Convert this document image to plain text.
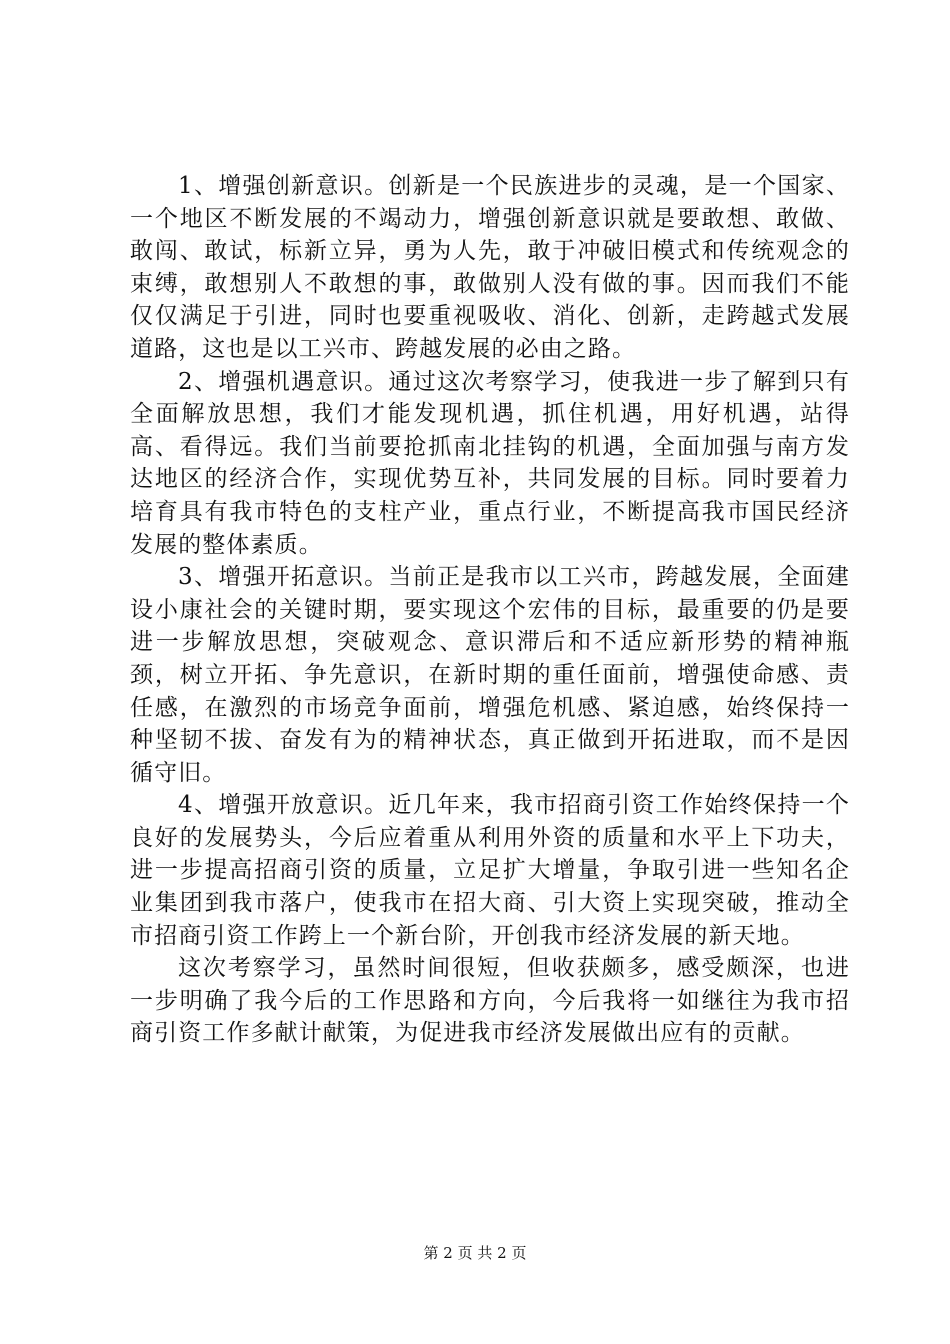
1、增强创新意识。创新是一个民族进步的灵魂，是一个国家、一个地区不断发展的不竭动力，增强创新意识就是要敢想、敢做、敢闯、敢试，标新立异，勇为人先，敢于冲破旧模式和传统观念的束缚，敢想别人不敢想的事，敢做别人没有做的事。因而我们不能仅仅满足于引进，同时也要重视吸收、消化、创新，走跨越式发展道路，这也是以工兴市、跨越发展的必由之路。

2、增强机遇意识。通过这次考察学习，使我进一步了解到只有全面解放思想，我们才能发现机遇，抓住机遇，用好机遇，站得高、看得远。我们当前要抢抓南北挂钩的机遇，全面加强与南方发达地区的经济合作，实现优势互补，共同发展的目标。同时要着力培育具有我市特色的支柱产业，重点行业，不断提高我市国民经济发展的整体素质。

3、增强开拓意识。当前正是我市以工兴市，跨越发展，全面建设小康社会的关键时期，要实现这个宏伟的目标，最重要的仍是要进一步解放思想，突破观念、意识滞后和不适应新形势的精神瓶颈，树立开拓、争先意识，在新时期的重任面前，增强使命感、责任感，在激烈的市场竞争面前，增强危机感、紧迫感，始终保持一种坚韧不拔、奋发有为的精神状态，真正做到开拓进取，而不是因循守旧。

4、增强开放意识。近几年来，我市招商引资工作始终保持一个良好的发展势头，今后应着重从利用外资的质量和水平上下功夫，进一步提高招商引资的质量，立足扩大增量，争取引进一些知名企业集团到我市落户，使我市在招大商、引大资上实现突破，推动全市招商引资工作跨上一个新台阶，开创我市经济发展的新天地。

这次考察学习，虽然时间很短，但收获颇多，感受颇深，也进一步明确了我今后的工作思路和方向，今后我将一如继往为我市招商引资工作多献计献策，为促进我市经济发展做出应有的贡献。

第 2 页 共 2 页
